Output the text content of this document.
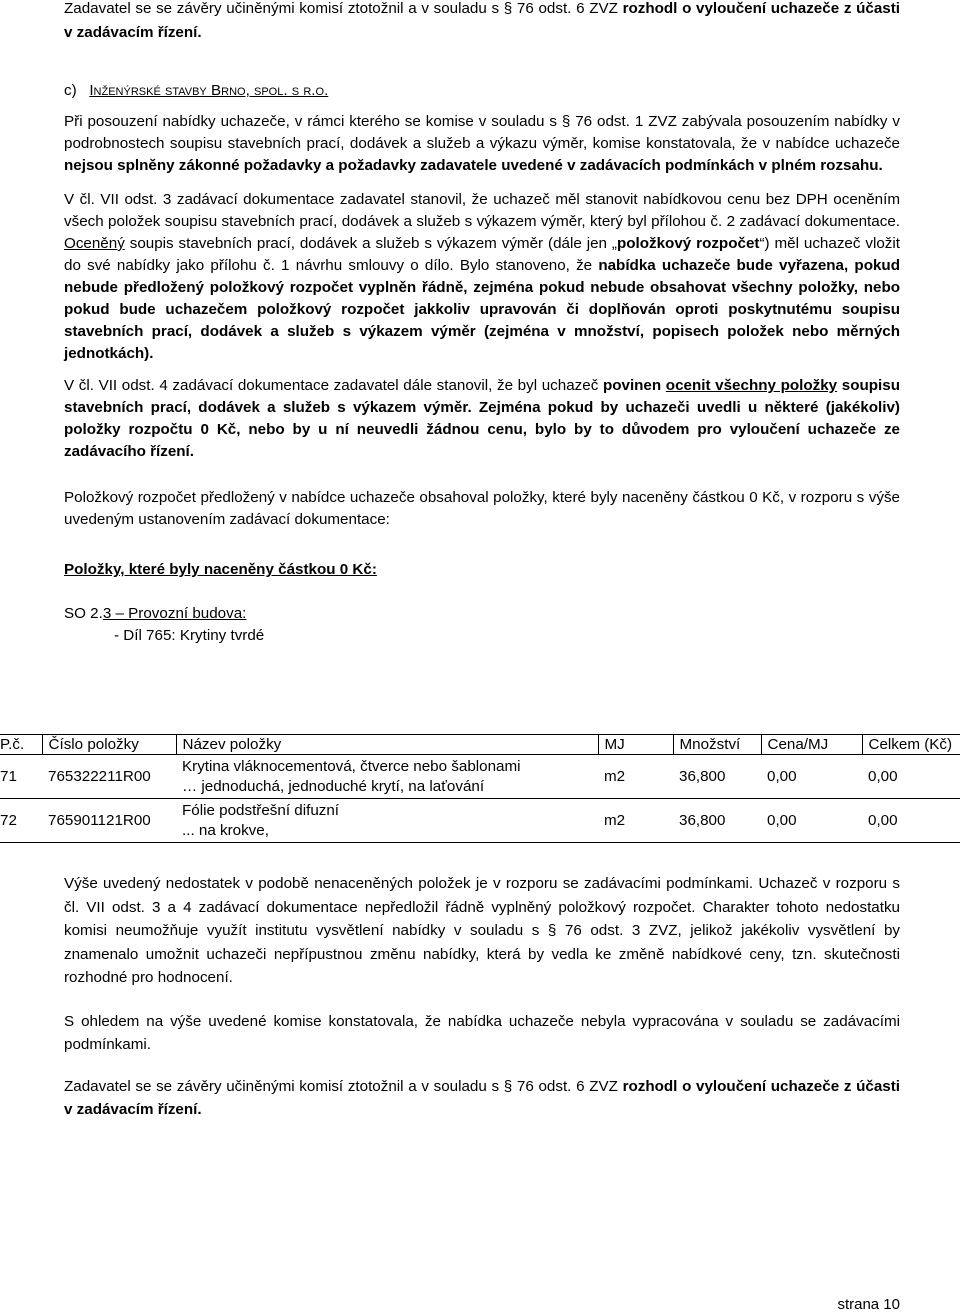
Zadavatel se se závěry učiněnými komisí ztotožnil a v souladu s § 76 odst. 6 ZVZ rozhodl o vyloučení uchazeče z účasti v zadávacím řízení.

c) Inženýrské stavby Brno, spol. s r.o.

Při posouzení nabídky uchazeče, v rámci kterého se komise v souladu s § 76 odst. 1 ZVZ zabývala posouzením nabídky v podrobnostech soupisu stavebních prací, dodávek a služeb a výkazu výměr, komise konstatovala, že v nabídce uchazeče nejsou splněny zákonné požadavky a požadavky zadavatele uvedené v zadávacích podmínkách v plném rozsahu.

V čl. VII odst. 3 zadávací dokumentace zadavatel stanovil, že uchazeč měl stanovit nabídkovou cenu bez DPH oceněním všech položek soupisu stavebních prací, dodávek a služeb s výkazem výměr, který byl přílohou č. 2 zadávací dokumentace. Oceněný soupis stavebních prací, dodávek a služeb s výkazem výměr (dále jen „položkový rozpočet“) měl uchazeč vložit do své nabídky jako přílohu č. 1 návrhu smlouvy o dílo. Bylo stanoveno, že nabídka uchazeče bude vyřazena, pokud nebude předložený položkový rozpočet vyplněn řádně, zejména pokud nebude obsahovat všechny položky, nebo pokud bude uchazečem položkový rozpočet jakkoliv upravován či doplňován oproti poskytnutému soupisu stavebních prací, dodávek a služeb s výkazem výměr (zejména v množství, popisech položek nebo měrných jednotkách).

V čl. VII odst. 4 zadávací dokumentace zadavatel dále stanovil, že byl uchazeč povinen ocenit všechny položky soupisu stavebních prací, dodávek a služeb s výkazem výměr. Zejména pokud by uchazeči uvedli u některé (jakékoliv) položky rozpočtu 0 Kč, nebo by u ní neuvedli žádnou cenu, bylo by to důvodem pro vyloučení uchazeče ze zadávacího řízení.

Položkový rozpočet předložený v nabídce uchazeče obsahoval položky, které byly naceněny částkou 0 Kč, v rozporu s výše uvedeným ustanovením zadávací dokumentace:

Položky, které byly naceněny částkou 0 Kč:

SO 2.3 – Provozní budova:

- Díl 765: Krytiny tvrdé

P.č.	Číslo položky	Název položky	MJ	Množství	Cena/MJ	Celkem (Kč)
71	765322211R00	Krytina vláknocementová, čtverce nebo šablonami
… jednoduchá, jednoduché krytí, na laťování	m2	36,800	0,00	0,00
72	765901121R00	Fólie podstřešní difuzní
... na krokve,	m2	36,800	0,00	0,00

Výše uvedený nedostatek v podobě nenaceněných položek je v rozporu se zadávacími podmínkami. Uchazeč v rozporu s čl. VII odst. 3 a 4 zadávací dokumentace nepředložil řádně vyplněný položkový rozpočet. Charakter tohoto nedostatku komisi neumožňuje využít institutu vysvětlení nabídky v souladu s § 76 odst. 3 ZVZ, jelikož jakékoliv vysvětlení by znamenalo umožnit uchazeči nepřípustnou změnu nabídky, která by vedla ke změně nabídkové ceny, tzn. skutečnosti rozhodné pro hodnocení.

S ohledem na výše uvedené komise konstatovala, že nabídka uchazeče nebyla vypracována v souladu se zadávacími podmínkami.

Zadavatel se se závěry učiněnými komisí ztotožnil a v souladu s § 76 odst. 6 ZVZ rozhodl o vyloučení uchazeče z účasti v zadávacím řízení.

strana 10
